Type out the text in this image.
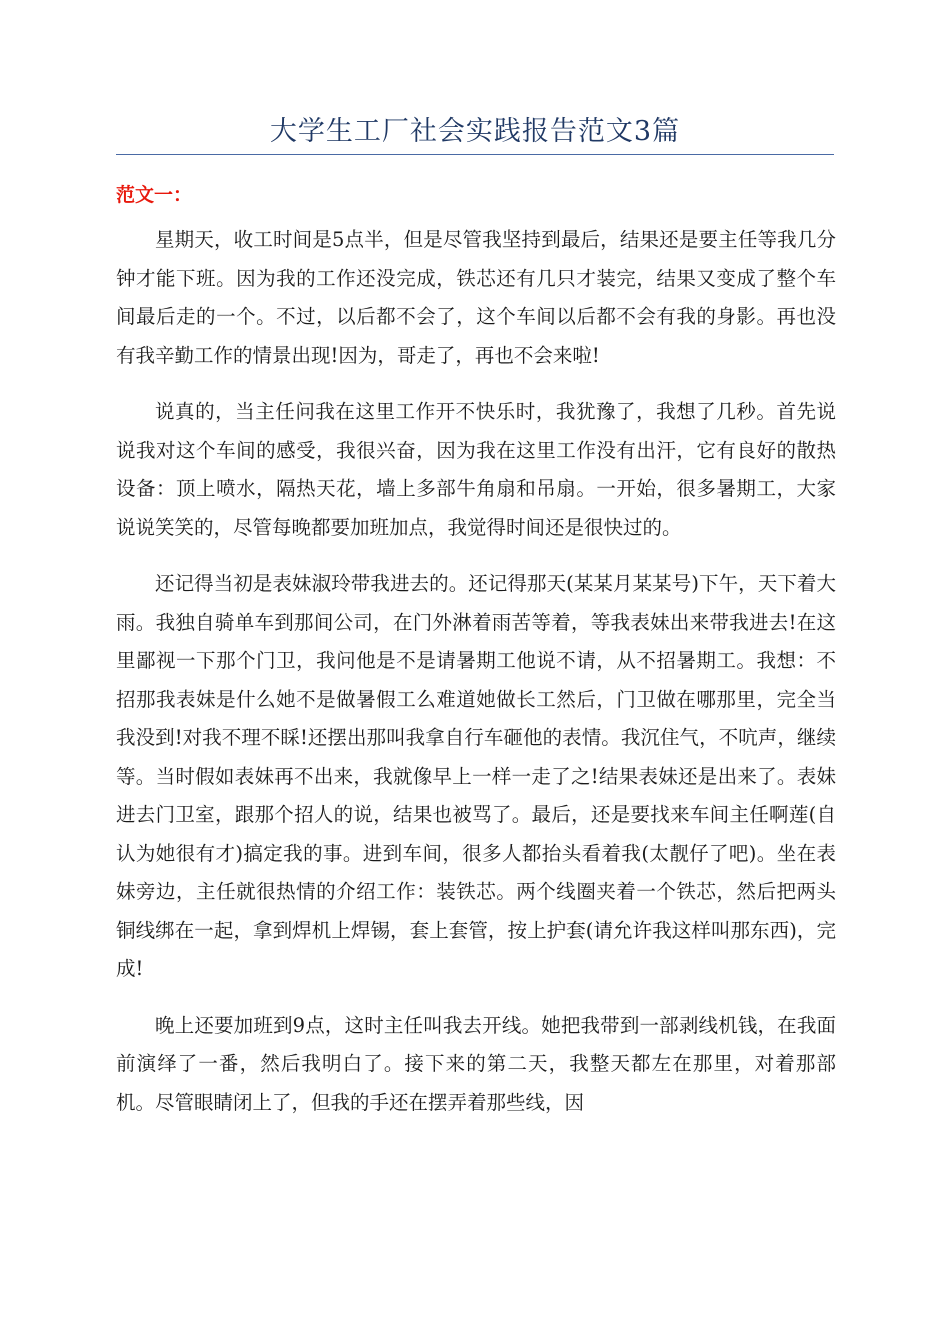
大学生工厂社会实践报告范文3篇
范文一：

星期天，收工时间是5点半，但是尽管我坚持到最后，结果还是要主任等我几分钟才能下班。因为我的工作还没完成，铁芯还有几只才装完，结果又变成了整个车间最后走的一个。不过，以后都不会了，这个车间以后都不会有我的身影。再也没有我辛勤工作的情景出现!因为，哥走了，再也不会来啦!

说真的，当主任问我在这里工作开不快乐时，我犹豫了，我想了几秒。首先说说我对这个车间的感受，我很兴奋，因为我在这里工作没有出汗，它有良好的散热设备：顶上喷水，隔热天花，墙上多部牛角扇和吊扇。一开始，很多暑期工，大家说说笑笑的，尽管每晚都要加班加点，我觉得时间还是很快过的。

还记得当初是表妹淑玲带我进去的。还记得那天(某某月某某号)下午，天下着大雨。我独自骑单车到那间公司，在门外淋着雨苦等着，等我表妹出来带我进去!在这里鄙视一下那个门卫，我问他是不是请暑期工他说不请，从不招暑期工。我想：不招那我表妹是什么她不是做暑假工么难道她做长工然后，门卫做在哪那里，完全当我没到!对我不理不睬!还摆出那叫我拿自行车砸他的表情。我沉住气，不吭声，继续等。当时假如表妹再不出来，我就像早上一样一走了之!结果表妹还是出来了。表妹进去门卫室，跟那个招人的说，结果也被骂了。最后，还是要找来车间主任啊莲(自认为她很有才)搞定我的事。进到车间，很多人都抬头看着我(太靓仔了吧)。坐在表妹旁边，主任就很热情的介绍工作：装铁芯。两个线圈夹着一个铁芯，然后把两头铜线绑在一起，拿到焊机上焊锡，套上套管，按上护套(请允许我这样叫那东西)，完成!

晚上还要加班到9点，这时主任叫我去开线。她把我带到一部剥线机钱，在我面前演绎了一番，然后我明白了。接下来的第二天，我整天都左在那里，对着那部机。尽管眼睛闭上了，但我的手还在摆弄着那些线，因
